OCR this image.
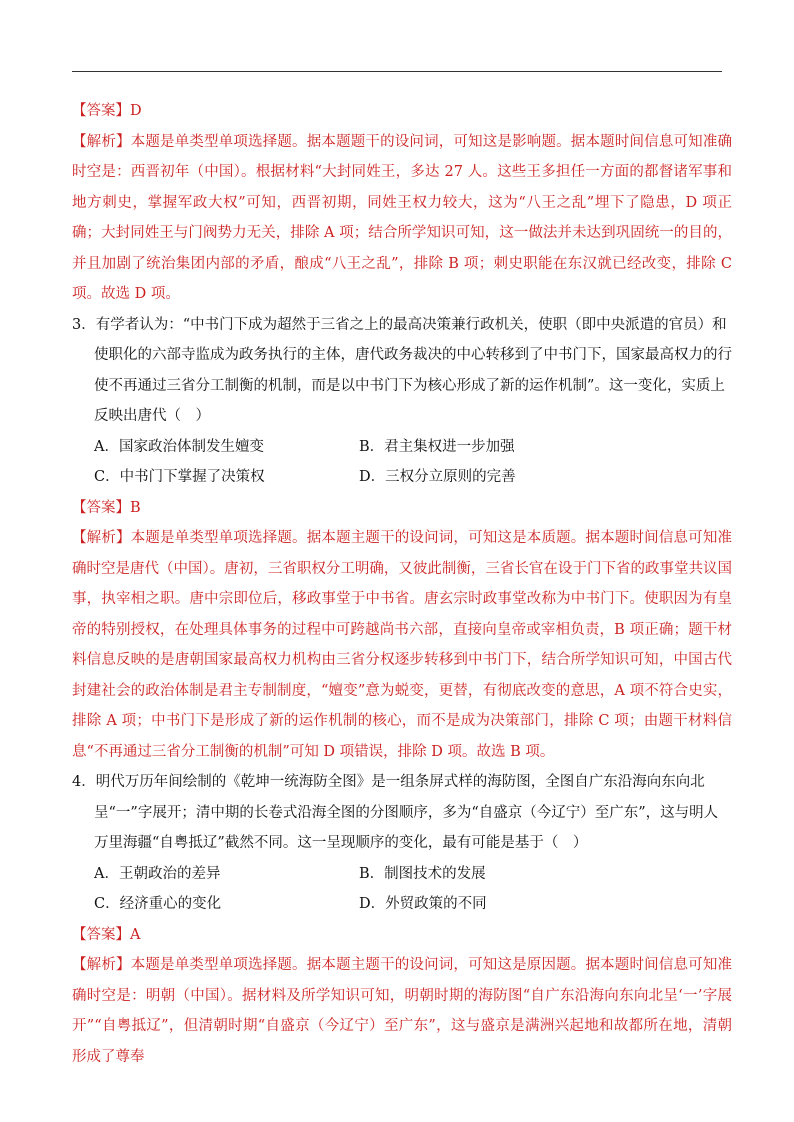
【答案】D

【解析】本题是单类型单项选择题。据本题题干的设问词，可知这是影响题。据本题时间信息可知准确时空是：西晋初年（中国）。根据材料“大封同姓王，多达 27 人。这些王多担任一方面的都督诸军事和地方刺史，掌握军政大权”可知，西晋初期，同姓王权力较大，这为“八王之乱”埋下了隐患，D 项正确；大封同姓王与门阀势力无关，排除 A 项；结合所学知识可知，这一做法并未达到巩固统一的目的，并且加剧了统治集团内部的矛盾，酿成“八王之乱”，排除 B 项；刺史职能在东汉就已经改变，排除 C 项。故选 D 项。

3．有学者认为：“中书门下成为超然于三省之上的最高决策兼行政机关，使职（即中央派遣的官员）和使职化的六部寺监成为政务执行的主体，唐代政务裁决的中心转移到了中书门下，国家最高权力的行使不再通过三省分工制衡的机制，而是以中书门下为核心形成了新的运作机制”。这一变化，实质上反映出唐代（　）

A．国家政治体制发生嬗变	B．君主集权进一步加强
C．中书门下掌握了决策权	D．三权分立原则的完善

【答案】B

【解析】本题是单类型单项选择题。据本题主题干的设问词，可知这是本质题。据本题时间信息可知准确时空是唐代（中国）。唐初，三省职权分工明确，又彼此制衡，三省长官在设于门下省的政事堂共议国事，执宰相之职。唐中宗即位后，移政事堂于中书省。唐玄宗时政事堂改称为中书门下。使职因为有皇帝的特别授权，在处理具体事务的过程中可跨越尚书六部，直接向皇帝或宰相负责，B 项正确；题干材料信息反映的是唐朝国家最高权力机构由三省分权逐步转移到中书门下，结合所学知识可知，中国古代封建社会的政治体制是君主专制制度，“嬗变”意为蜕变，更替，有彻底改变的意思，A 项不符合史实，排除 A 项；中书门下是形成了新的运作机制的核心，而不是成为决策部门，排除 C 项；由题干材料信息“不再通过三省分工制衡的机制”可知 D 项错误，排除 D 项。故选 B 项。

4．明代万历年间绘制的《乾坤一统海防全图》是一组条屏式样的海防图，全图自广东沿海向东向北呈“一”字展开；清中期的长卷式沿海全图的分图顺序，多为“自盛京（今辽宁）至广东”，这与明人万里海疆“自粤抵辽”截然不同。这一呈现顺序的变化，最有可能是基于（　）

A．王朝政治的差异	B．制图技术的发展
C．经济重心的变化	D．外贸政策的不同

【答案】A

【解析】本题是单类型单项选择题。据本题主题干的设问词，可知这是原因题。据本题时间信息可知准确时空是：明朝（中国）。据材料及所学知识可知，明朝时期的海防图“自广东沿海向东向北呈‘一’字展开”“自粤抵辽”，但清朝时期“自盛京（今辽宁）至广东”，这与盛京是满洲兴起地和故都所在地，清朝形成了尊奉
